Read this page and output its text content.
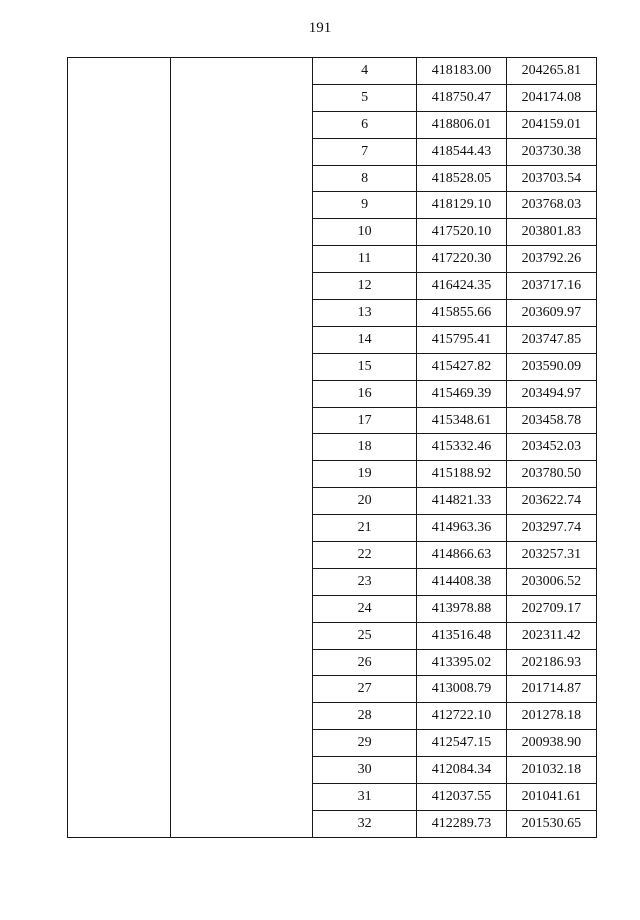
191
		4	418183.00	204265.81
		5	418750.47	204174.08
		6	418806.01	204159.01
		7	418544.43	203730.38
		8	418528.05	203703.54
		9	418129.10	203768.03
		10	417520.10	203801.83
		11	417220.30	203792.26
		12	416424.35	203717.16
		13	415855.66	203609.97
		14	415795.41	203747.85
		15	415427.82	203590.09
		16	415469.39	203494.97
		17	415348.61	203458.78
		18	415332.46	203452.03
		19	415188.92	203780.50
		20	414821.33	203622.74
		21	414963.36	203297.74
		22	414866.63	203257.31
		23	414408.38	203006.52
		24	413978.88	202709.17
		25	413516.48	202311.42
		26	413395.02	202186.93
		27	413008.79	201714.87
		28	412722.10	201278.18
		29	412547.15	200938.90
		30	412084.34	201032.18
		31	412037.55	201041.61
		32	412289.73	201530.65
